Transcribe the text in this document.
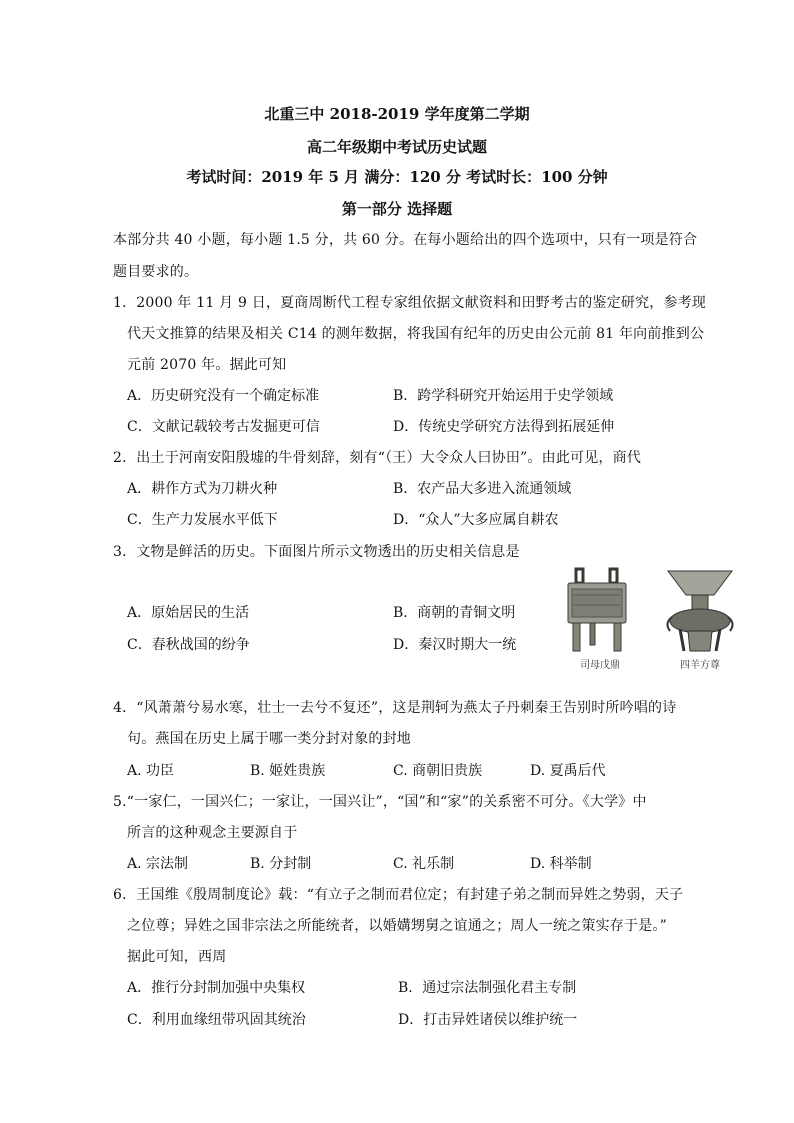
北重三中 2018-2019 学年度第二学期
高二年级期中考试历史试题
考试时间：2019 年 5 月 满分：120 分 考试时长：100 分钟
第一部分 选择题
本部分共 40 小题，每小题 1.5 分，共 60 分。在每小题给出的四个选项中，只有一项是符合
题目要求的。
1．2000 年 11 月 9 日，夏商周断代工程专家组依据文献资料和田野考古的鉴定研究，参考现
代天文推算的结果及相关 C14 的测年数据，将我国有纪年的历史由公元前 81 年向前推到公
元前 2070 年。据此可知
A．历史研究没有一个确定标准	B．跨学科研究开始运用于史学领域
C．文献记载较考古发掘更可信	D．传统史学研究方法得到拓展延伸
2．出土于河南安阳殷墟的牛骨刻辞，刻有“（王）大令众人曰协田”。由此可见，商代
A．耕作方式为刀耕火种	B．农产品大多进入流通领域
C．生产力发展水平低下	D．“众人”大多应属自耕农
3．文物是鲜活的历史。下面图片所示文物透出的历史相关信息是
A．原始居民的生活	B．商朝的青铜文明
C．春秋战国的纷争	D．秦汉时期大一统
司母戊鼎	四羊方尊
4．“风萧萧兮易水寒，壮士一去兮不复还”，这是荆轲为燕太子丹刺秦王告别时所吟唱的诗
句。燕国在历史上属于哪一类分封对象的封地
A. 功臣	B. 姬姓贵族	C. 商朝旧贵族	D. 夏禹后代
5.“一家仁，一国兴仁；一家让，一国兴让”，“国”和“家”的关系密不可分。《大学》中
所言的这种观念主要源自于
A. 宗法制	B. 分封制	C. 礼乐制	D. 科举制
6．王国维《殷周制度论》载：“有立子之制而君位定；有封建子弟之制而异姓之势弱，天子
之位尊；异姓之国非宗法之所能统者，以婚媾甥舅之谊通之；周人一统之策实存于是。”
据此可知，西周
A．推行分封制加强中央集权	B．通过宗法制强化君主专制
C．利用血缘纽带巩固其统治	D．打击异姓诸侯以维护统一
